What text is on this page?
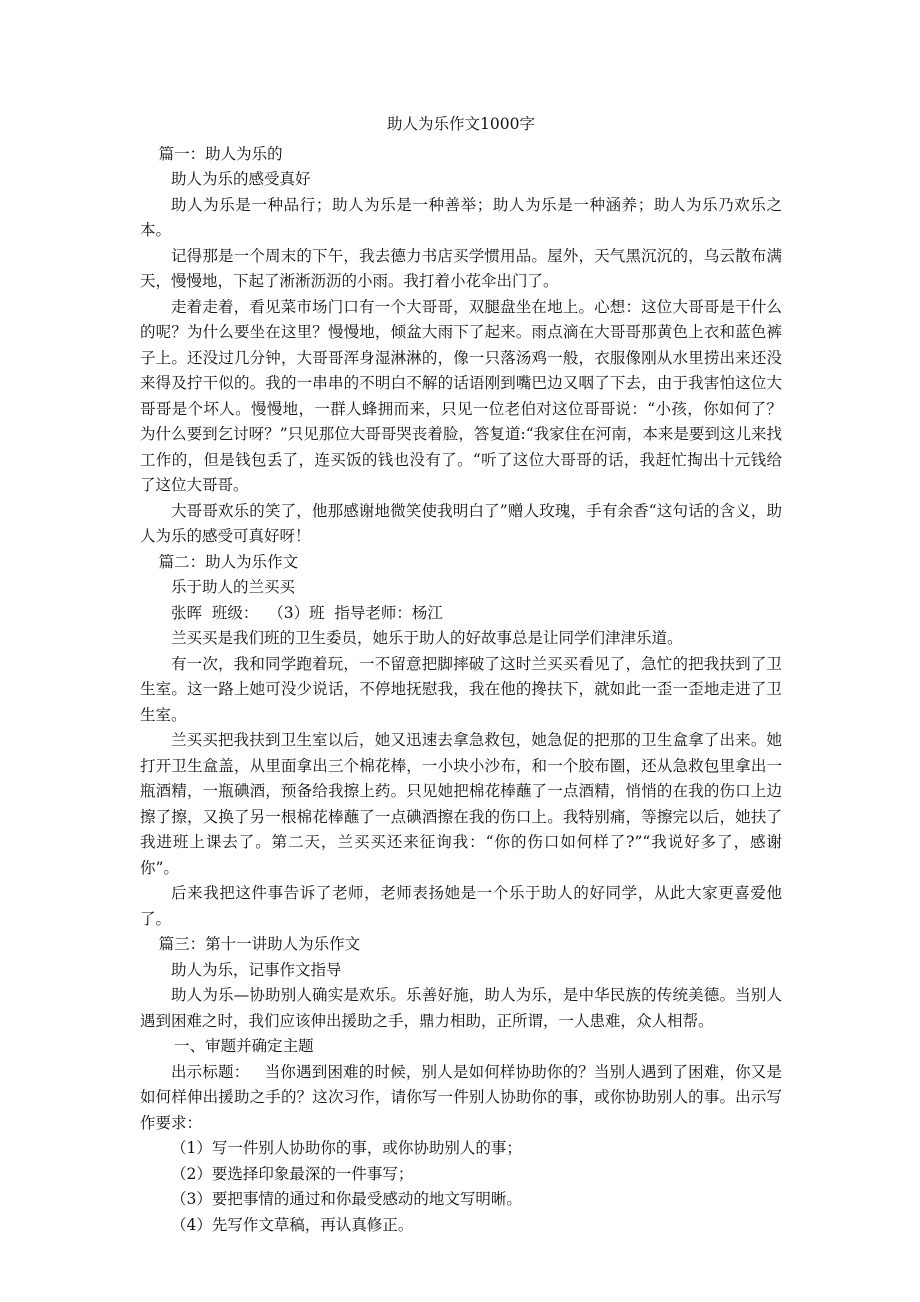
助人为乐作文1000字
篇一：助人为乐的
助人为乐的感受真好

助人为乐是一种品行；助人为乐是一种善举；助人为乐是一种涵养；助人为乐乃欢乐之本。

记得那是一个周末的下午，我去德力书店买学惯用品。屋外，天气黑沉沉的，乌云散布满天，慢慢地，下起了淅淅沥沥的小雨。我打着小花伞出门了。

走着走着，看见菜市场门口有一个大哥哥，双腿盘坐在地上。心想：这位大哥哥是干什么的呢？为什么要坐在这里？慢慢地，倾盆大雨下了起来。雨点滴在大哥哥那黄色上衣和蓝色裤子上。还没过几分钟，大哥哥浑身湿淋淋的，像一只落汤鸡一般，衣服像刚从水里捞出来还没来得及拧干似的。我的一串串的不明白不解的话语刚到嘴巴边又咽了下去，由于我害怕这位大哥哥是个坏人。慢慢地，一群人蜂拥而来，只见一位老伯对这位哥哥说：“小孩，你如何了？为什么要到乞讨呀？”只见那位大哥哥哭丧着脸，答复道:“我家住在河南，本来是要到这儿来找工作的，但是钱包丢了，连买饭的钱也没有了。“听了这位大哥哥的话，我赶忙掏出十元钱给了这位大哥哥。

大哥哥欢乐的笑了，他那感谢地微笑使我明白了”赠人玫瑰，手有余香“这句话的含义，助人为乐的感受可真好呀！

篇二：助人为乐作文
乐于助人的兰买买
张晖  班级：  （3）班  指导老师：杨江

兰买买是我们班的卫生委员，她乐于助人的好故事总是让同学们津津乐道。

有一次，我和同学跑着玩，一不留意把脚摔破了这时兰买买看见了，急忙的把我扶到了卫生室。这一路上她可没少说话，不停地抚慰我，我在他的搀扶下，就如此一歪一歪地走进了卫生室。

兰买买把我扶到卫生室以后，她又迅速去拿急救包，她急促的把那的卫生盒拿了出来。她打开卫生盒盖，从里面拿出三个棉花棒，一小块小沙布，和一个胶布圈，还从急救包里拿出一瓶酒精，一瓶碘酒，预备给我擦上药。只见她把棉花棒蘸了一点酒精，悄悄的在我的伤口上边擦了擦，又换了另一根棉花棒蘸了一点碘酒擦在我的伤口上。我特别痛，等擦完以后，她扶了我进班上课去了。第二天，兰买买还来征询我：“你的伤口如何样了?”“我说好多了，感谢你”。

后来我把这件事告诉了老师，老师表扬她是一个乐于助人的好同学，从此大家更喜爱他了。

篇三：第十一讲助人为乐作文
助人为乐，记事作文指导

助人为乐—协助别人确实是欢乐。乐善好施，助人为乐，是中华民族的传统美德。当别人遇到困难之时，我们应该伸出援助之手，鼎力相助，正所谓，一人患难，众人相帮。

一、审题并确定主题

出示标题：   当你遇到困难的时候，别人是如何样协助你的？当别人遇到了困难，你又是如何样伸出援助之手的？这次习作，请你写一件别人协助你的事，或你协助别人的事。出示写作要求：

（1）写一件别人协助你的事，或你协助别人的事；
（2）要选择印象最深的一件事写；
（3）要把事情的通过和你最受感动的地文写明晰。
（4）先写作文草稿，再认真修正。
